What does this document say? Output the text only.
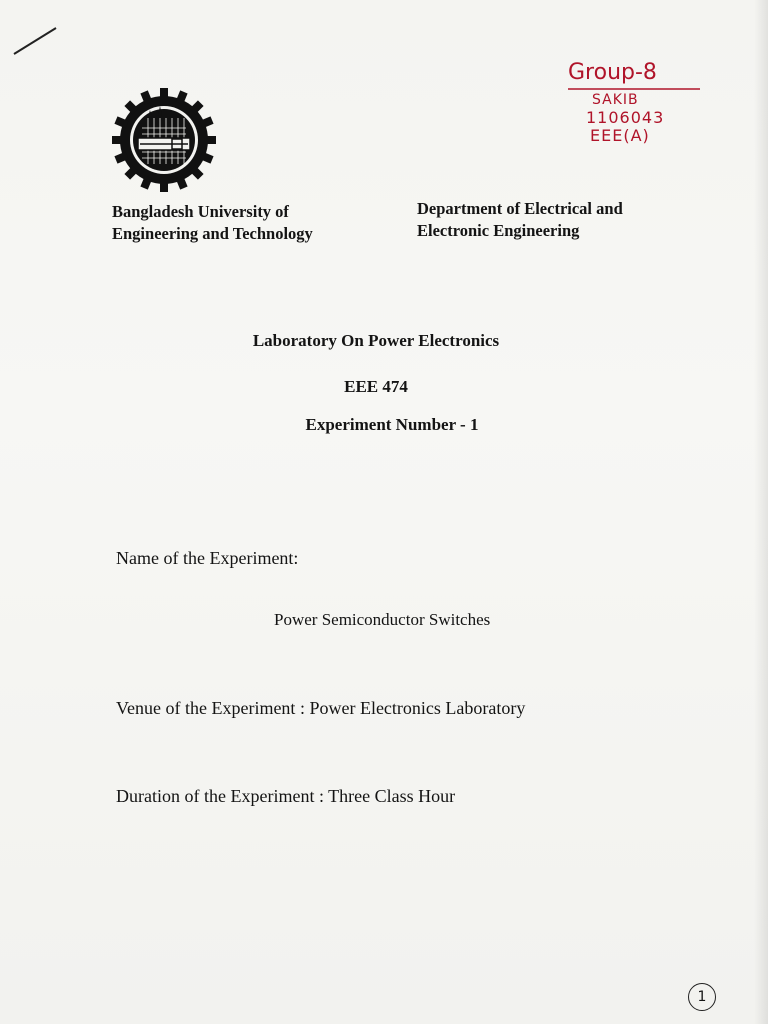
Group-8
SAKIB
1106043
EEE(A)
1
Bangladesh University of
Engineering and Technology
Department of Electrical and
Electronic Engineering
Laboratory On Power Electronics
EEE 474
Experiment Number - 1
Name of the Experiment:
Power Semiconductor Switches
Venue of the Experiment : Power Electronics Laboratory
Duration of the Experiment : Three Class Hour
